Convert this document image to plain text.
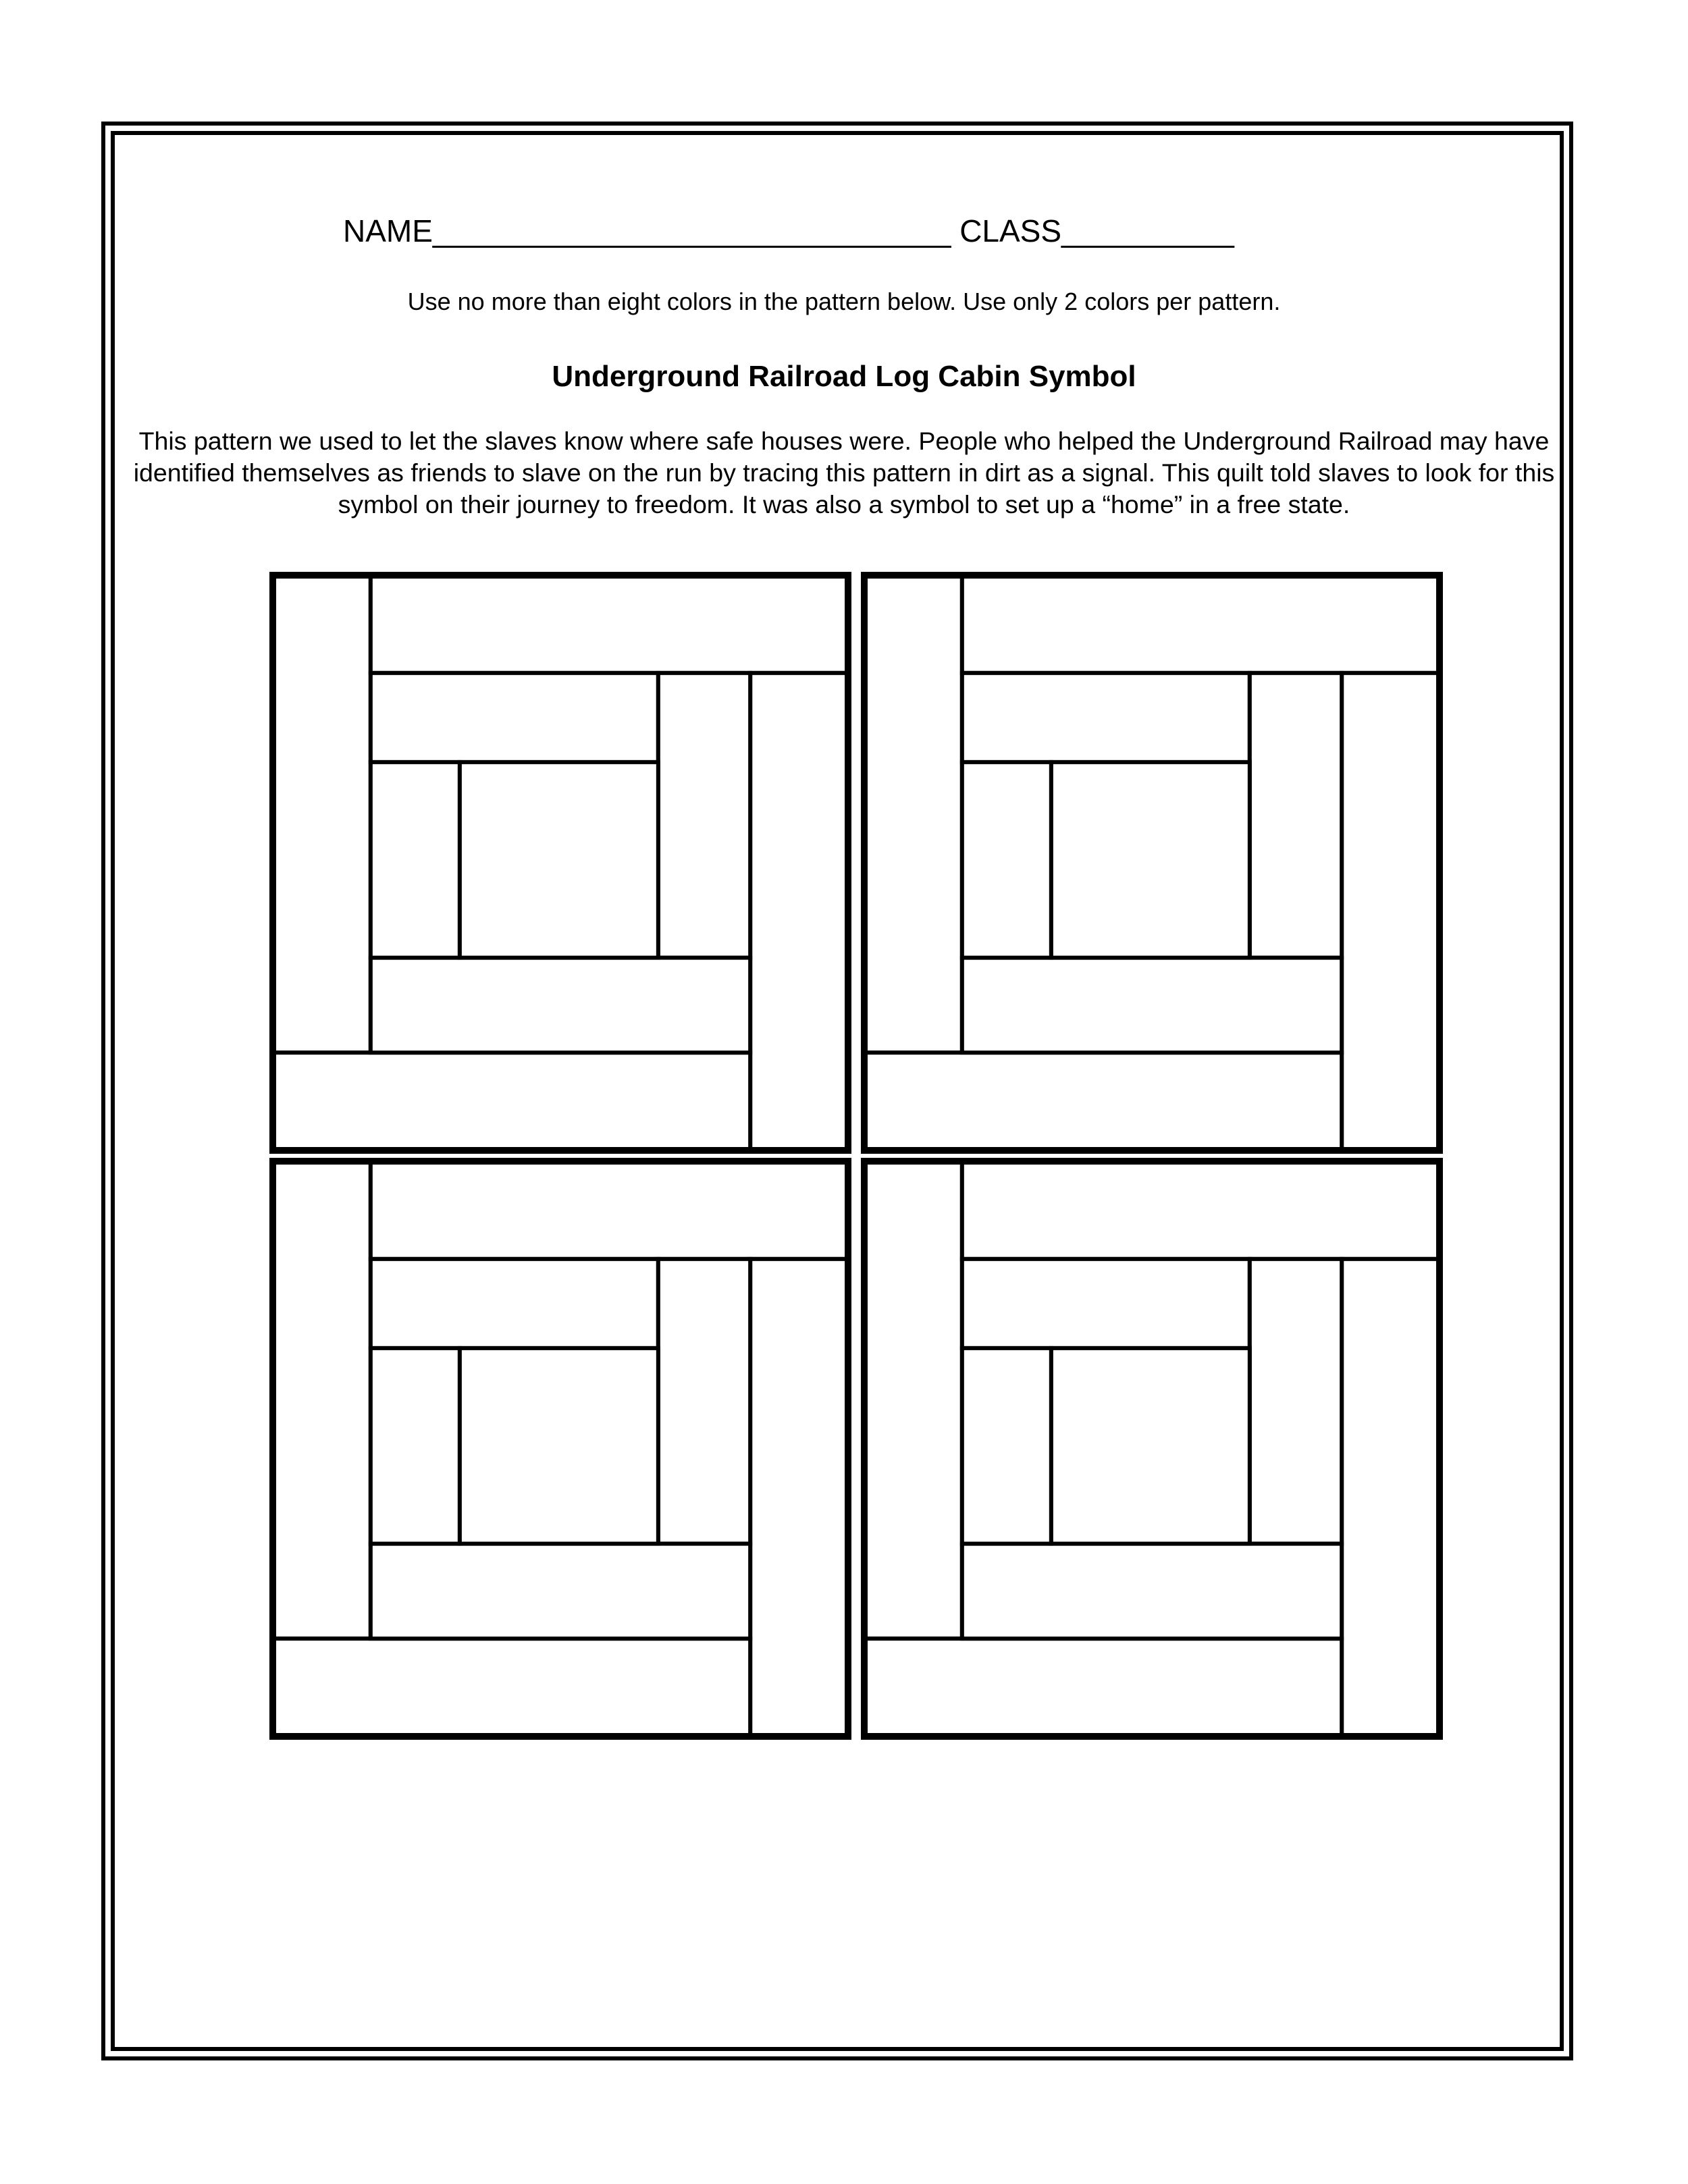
NAME______________________________ CLASS__________
Use no more than eight colors in the pattern below. Use only 2 colors per pattern.
Underground Railroad Log Cabin Symbol
This pattern we used to let the slaves know where safe houses were. People who helped the Underground Railroad may have identified themselves as friends to slave on the run by tracing this pattern in dirt as a signal. This quilt told slaves to look for this symbol on their journey to freedom. It was also a symbol to set up a “home” in a free state.
